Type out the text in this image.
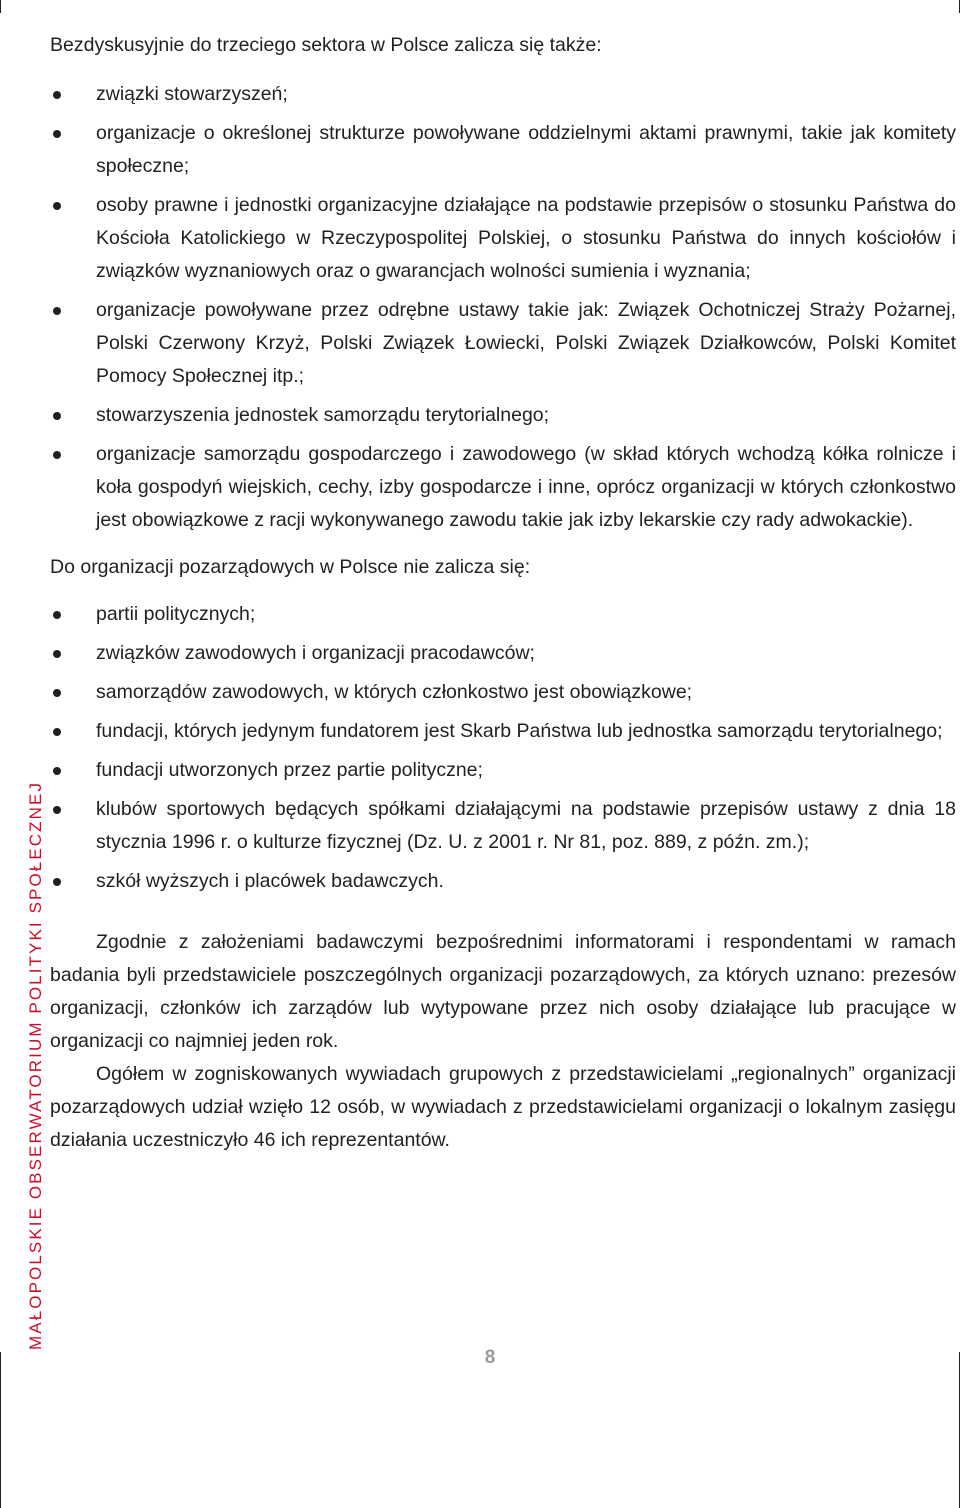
MAŁOPOLSKIE OBSERWATORIUM POLITYKI SPOŁECZNEJ

Bezdyskusyjnie do trzeciego sektora w Polsce zalicza się także:

związki stowarzyszeń;
organizacje o określonej strukturze powoływane oddzielnymi aktami prawnymi, takie jak komitety społeczne;
osoby prawne i jednostki organizacyjne działające na podstawie przepisów o stosunku Państwa do Kościoła Katolickiego w Rzeczypospolitej Polskiej, o stosunku Państwa do innych kościołów i związków wyznaniowych oraz o gwarancjach wolności sumienia i wyznania;
organizacje powoływane przez odrębne ustawy takie jak: Związek Ochotniczej Straży Pożarnej, Polski Czerwony Krzyż, Polski Związek Łowiecki, Polski Związek Działkowców, Polski Komitet Pomocy Społecznej itp.;
stowarzyszenia jednostek samorządu terytorialnego;
organizacje samorządu gospodarczego i zawodowego (w skład których wchodzą kółka rolnicze i koła gospodyń wiejskich, cechy, izby gospodarcze i inne, oprócz organizacji w których członkostwo jest obowiązkowe z racji wykonywanego zawodu takie jak izby lekarskie czy rady adwokackie).

Do organizacji pozarządowych w Polsce nie zalicza się:

partii politycznych;
związków zawodowych i organizacji pracodawców;
samorządów zawodowych, w których członkostwo jest obowiązkowe;
fundacji, których jedynym fundatorem jest Skarb Państwa lub jednostka samorządu terytorialnego;
fundacji utworzonych przez partie polityczne;
klubów sportowych będących spółkami działającymi na podstawie przepisów ustawy z dnia 18 stycznia 1996 r. o kulturze fizycznej (Dz. U. z 2001 r. Nr 81, poz. 889, z późn. zm.);
szkół wyższych i placówek badawczych.

Zgodnie z założeniami badawczymi bezpośrednimi informatorami i respondentami w ramach badania byli przedstawiciele poszczególnych organizacji pozarządowych, za których uznano: prezesów organizacji, członków ich zarządów lub wytypowane przez nich osoby działające lub pracujące w organizacji co najmniej jeden rok.

Ogółem w zogniskowanych wywiadach grupowych z przedstawicielami „regionalnych” organizacji pozarządowych udział wzięło 12 osób, w wywiadach z przedstawicielami organizacji o lokalnym zasięgu działania uczestniczyło 46 ich reprezentantów.

8
